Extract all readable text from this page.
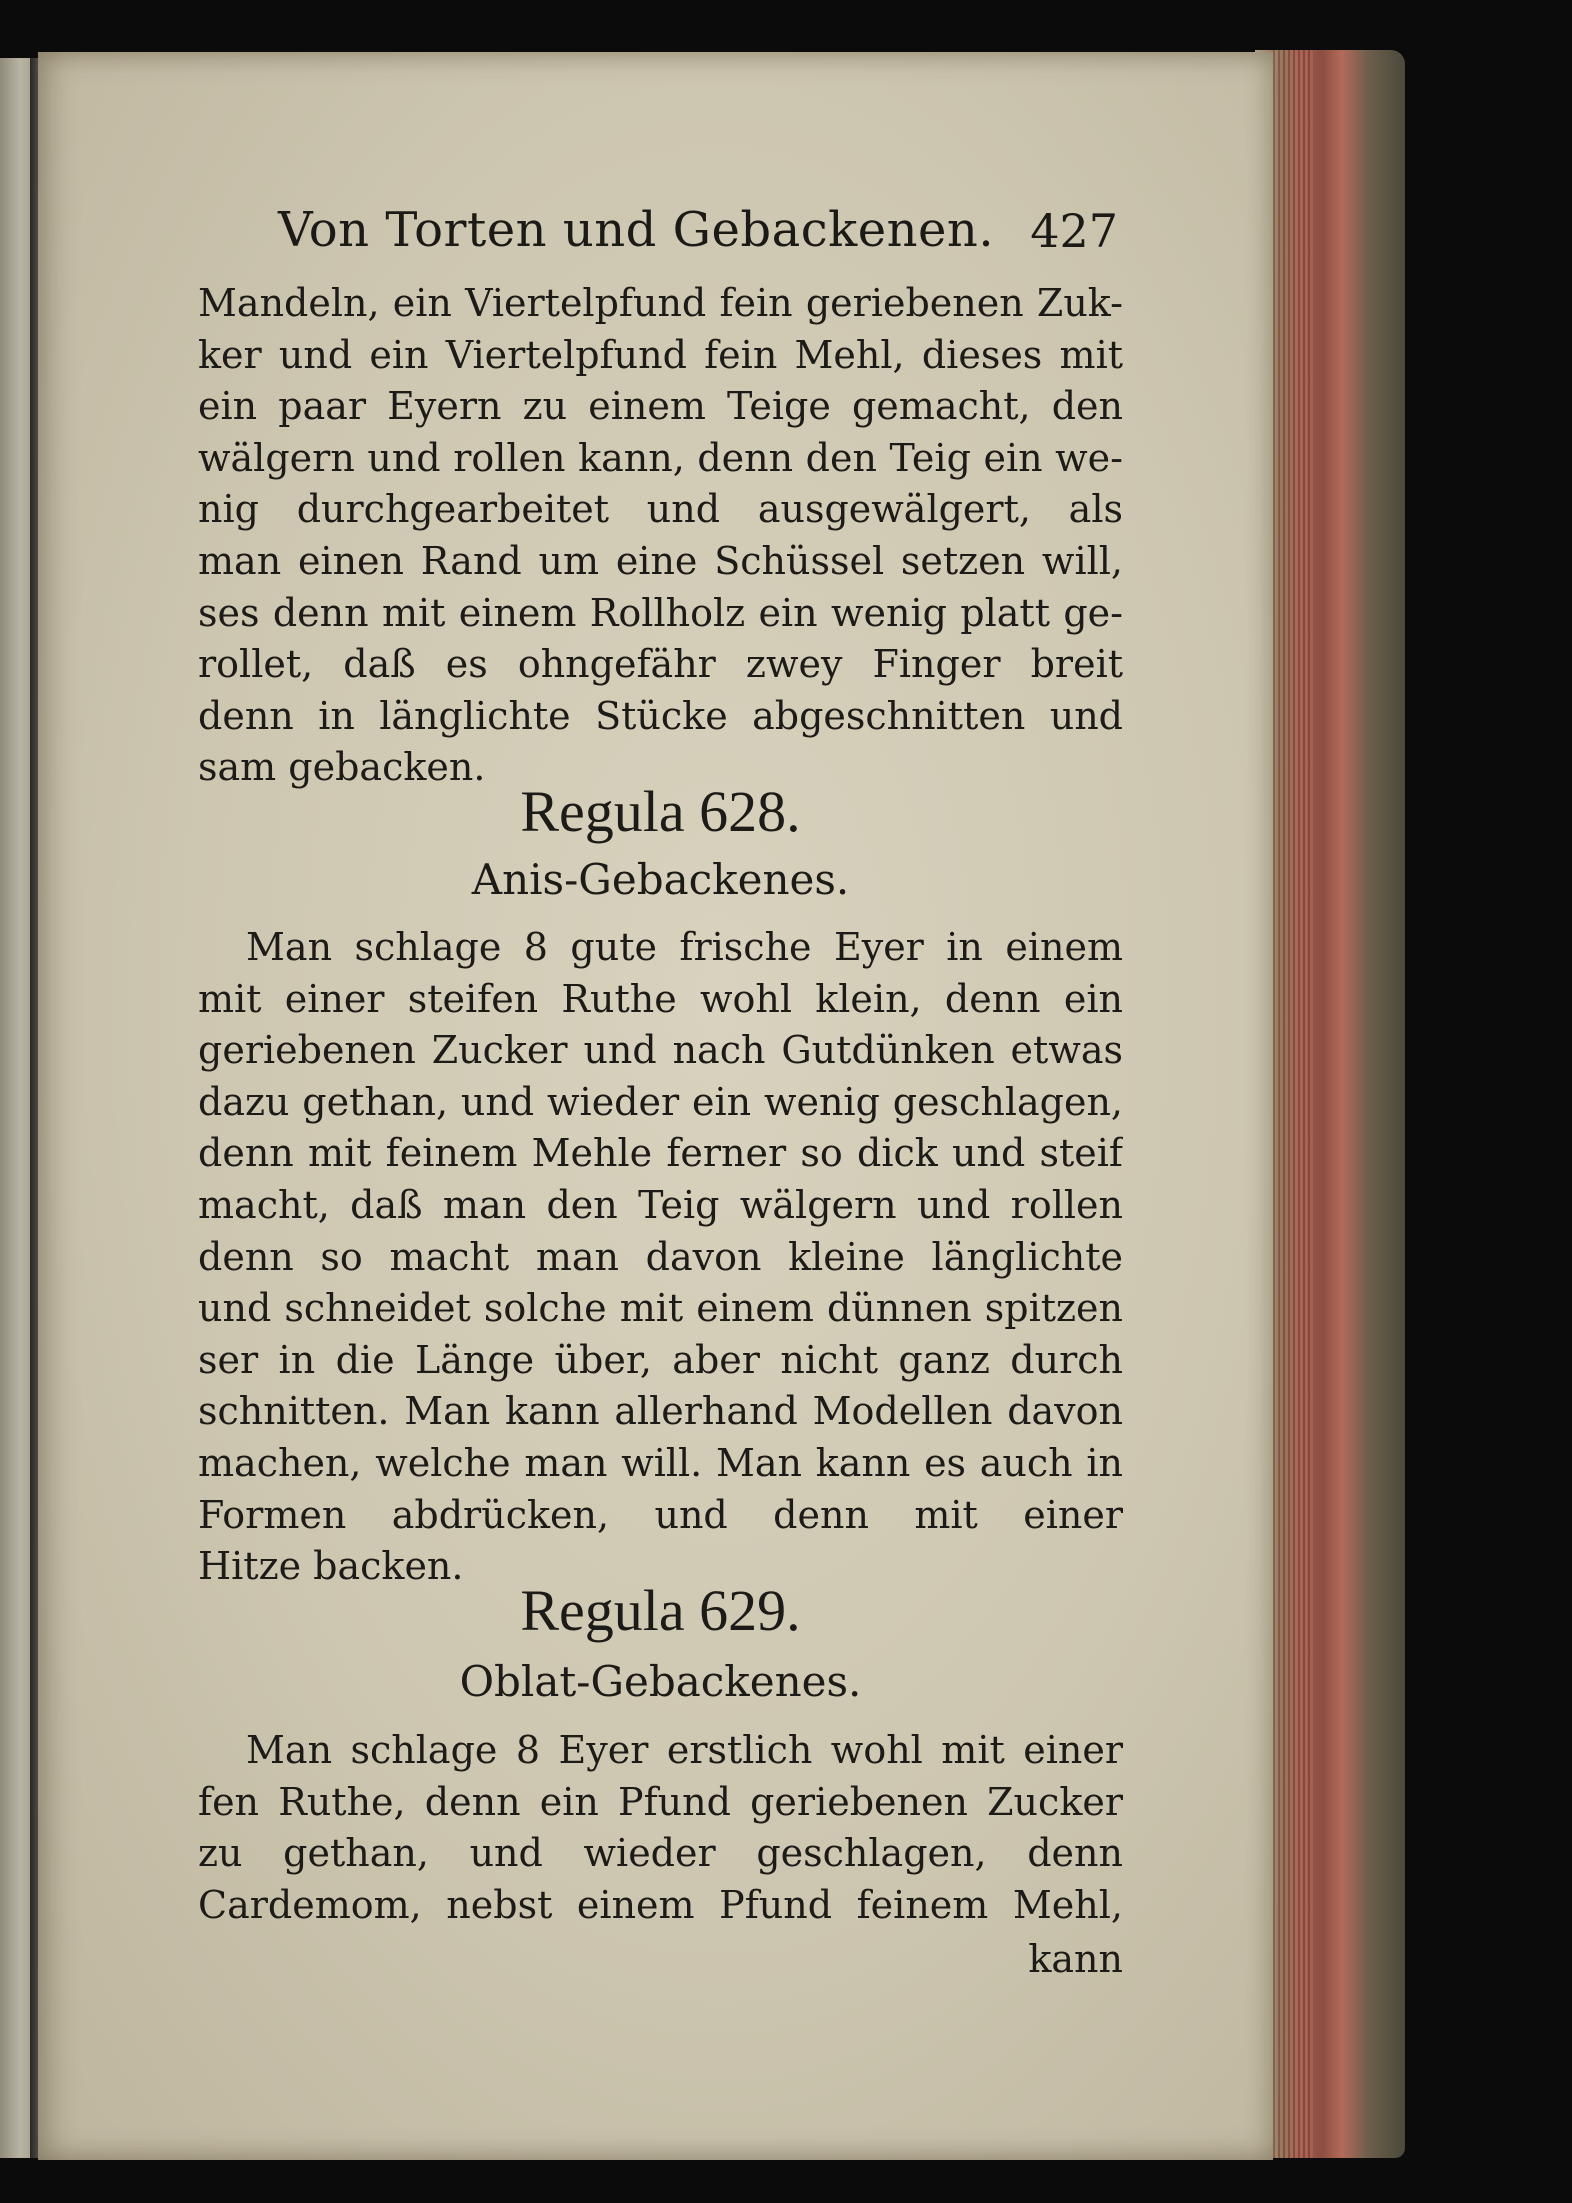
Von Torten und Gebackenen. 427
Mandeln, ein Viertelpfund fein geriebenen Zuk-
ker und ein Viertelpfund fein Mehl, dieses mit
ein paar Eyern zu einem Teige gemacht, den
wälgern und rollen kann, denn den Teig ein we-
nig durchgearbeitet und ausgewälgert, als
man einen Rand um eine Schüssel setzen will,
ses denn mit einem Rollholz ein wenig platt ge-
rollet, daß es ohngefähr zwey Finger breit
denn in länglichte Stücke abgeschnitten und
sam gebacken.
Regula 628.
Anis-Gebackenes.
Man schlage 8 gute frische Eyer in einem
mit einer steifen Ruthe wohl klein, denn ein
geriebenen Zucker und nach Gutdünken etwas
dazu gethan, und wieder ein wenig geschlagen,
denn mit feinem Mehle ferner so dick und steif
macht, daß man den Teig wälgern und rollen
denn so macht man davon kleine länglichte
und schneidet solche mit einem dünnen spitzen
ser in die Länge über, aber nicht ganz durch
schnitten. Man kann allerhand Modellen davon
machen, welche man will. Man kann es auch in
Formen abdrücken, und denn mit einer
Hitze backen.
Regula 629.
Oblat-Gebackenes.
Man schlage 8 Eyer erstlich wohl mit einer
fen Ruthe, denn ein Pfund geriebenen Zucker
zu gethan, und wieder geschlagen, denn
Cardemom, nebst einem Pfund feinem Mehl,
kann
